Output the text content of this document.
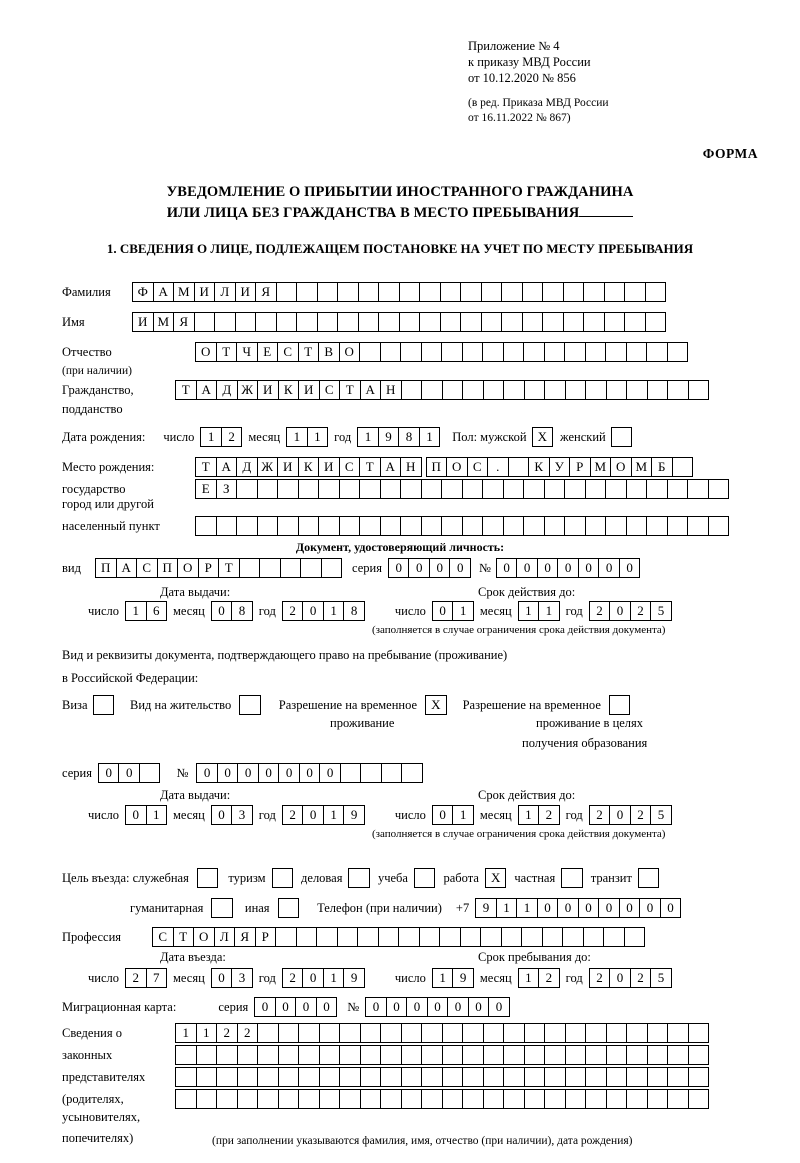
Приложение № 4
к приказу МВД России
от 10.12.2020 № 856
(в ред. Приказа МВД России
от 16.11.2022 № 867)
ФОРМА
УВЕДОМЛЕНИЕ О ПРИБЫТИИ ИНОСТРАННОГО ГРАЖДАНИНА
ИЛИ ЛИЦА БЕЗ ГРАЖДАНСТВА В МЕСТО ПРЕБЫВАНИЯ
1. СВЕДЕНИЯ О ЛИЦЕ, ПОДЛЕЖАЩЕМ ПОСТАНОВКЕ НА УЧЕТ ПО МЕСТУ ПРЕБЫВАНИЯ
Фамилия	Ф А М И Л И Я
Имя	И М Я
Отчество	О Т Ч Е С Т В О
(при наличии)
Гражданство,	Т А Д Ж И К И С Т А Н
подданство
Дата рождения: число	1	2	месяц	1	1	год	1	9	8	1	Пол: мужской X	женский
Место рождения:	Т А Д Ж И К И С Т А Н	П О С	.	К У Р М О М Б
государство	Е	З
город или другой
населенный пункт
Документ, удостоверяющий личность:
вид	П А С П О Р Т	серия	0	0	0	0	№ 0	0	0	0	0	0	0
Дата выдачи:	Срок действия до:
число	1	6	месяц	0	8	год	2	0	1	8	число	0	1	месяц	1	1	год	2	0	2	5
(заполняется в случае ограничения срока действия документа)
Вид и реквизиты документа, подтверждающего право на пребывание (проживание)
в Российской Федерации:
Виза	Вид на жительство	Разрешение на временное	X	Разрешение на временное
проживание	проживание в целях
получения образования
серия	0	0	№	0	0	0	0	0	0	0
Дата выдачи:	Срок действия до:
число	0	1	месяц	0	3	год	2	0	1	9	число	0	1	месяц	1	2	год	2	0	2	5
(заполняется в случае ограничения срока действия документа)
Цель въезда: служебная	туризм	деловая	учеба	работа X	частная	транзит
гуманитарная	иная	Телефон (при наличии) +7	9	1	1	0	0	0	0	0	0	0
Профессия	С Т О Л Я Р
Дата въезда:	Срок пребывания до:
число	2	7	месяц	0	3	год	2	0	1	9	число	1	9	месяц	1	2	год	2	0	2	5
Миграционная карта:	серия	0	0	0	0	№	0	0	0	0	0	0	0
Сведения о	1	1	2	2
законных
представителях
(родителях,
усыновителях,
попечителях)	(при заполнении указываются фамилия, имя, отчество (при наличии), дата рождения)
